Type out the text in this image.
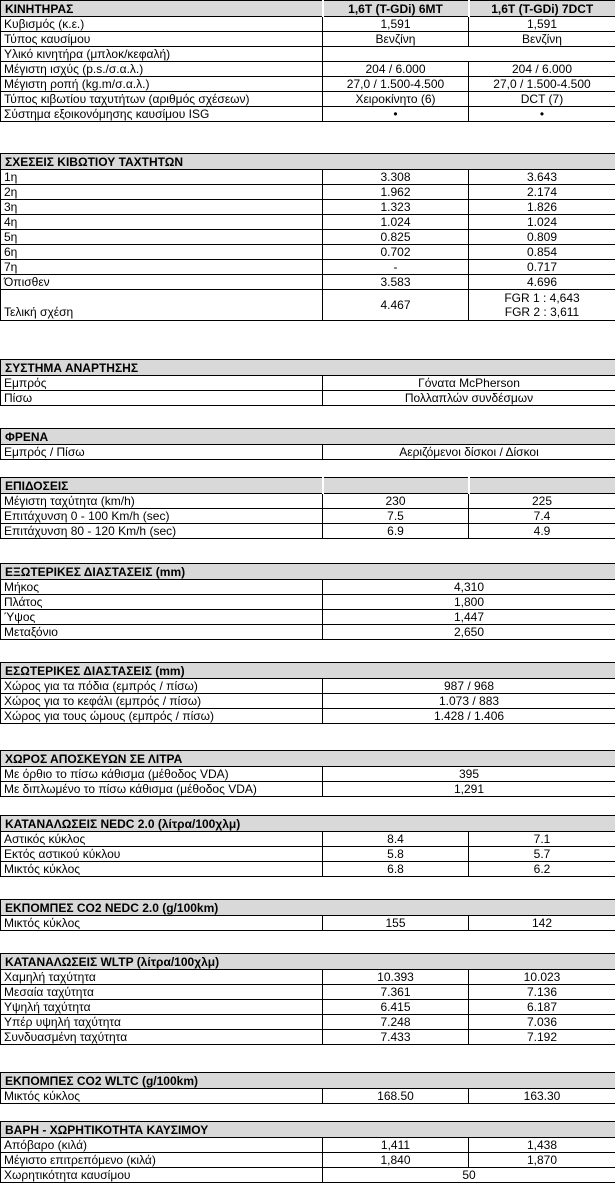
ΚΙΝΗΤΗΡΑΣ	1,6T (T-GDi) 6MT	1,6T (T-GDi) 7DCT
Κυβισμός (κ.ε.)	1,591	1,591
Τύπος καυσίμου	Βενζίνη	Βενζίνη
Υλικό κινητήρα (μπλοκ/κεφαλή)		
Μέγιστη ισχύς (p.s./σ.α.λ.)	204 / 6.000	204 / 6.000
Μέγιστη ροπή (kg.m/σ.α.λ.)	27,0 / 1.500-4.500	27,0 / 1.500-4.500
Τύπος κιβωτίου ταχυτήτων (αριθμός σχέσεων)	Χειροκίνητο (6)	DCT (7)
Σύστημα εξοικονόμησης καυσίμου ISG	•	•
ΣΧΕΣΕΙΣ ΚΙΒΩΤΙΟΥ ΤΑΧΤΗΤΩΝ		
1η	3.308	3.643
2η	1.962	2.174
3η	1.323	1.826
4η	1.024	1.024
5η	0.825	0.809
6η	0.702	0.854
7η	-	0.717
Όπισθεν	3.583	4.696
Τελική σχέση	4.467	FGR 1 : 4,643
FGR 2 : 3,611
ΣΥΣΤΗΜΑ ΑΝΑΡΤΗΣΗΣ	
Εμπρός	Γόνατα McPherson
Πίσω	Πολλαπλών συνδέσμων
ΦΡΕΝΑ
Εμπρός / Πίσω	Αεριζόμενοι δίσκοι / Δίσκοι
ΕΠΙΔΟΣΕΙΣ		
Μέγιστη ταχύτητα (km/h)	230	225
Επιτάχυνση 0 - 100 Km/h (sec)	7.5	7.4
Επιτάχυνση 80 - 120 Km/h (sec)	6.9	4.9
ΕΞΩΤΕΡΙΚΕΣ ΔΙΑΣΤΑΣΕΙΣ (mm)	
Μήκος	4,310
Πλάτος	1,800
Ύψος	1,447
Μεταξόνιο	2,650
ΕΣΩΤΕΡΙΚΕΣ ΔΙΑΣΤΑΣΕΙΣ (mm)	
Χώρος για τα πόδια (εμπρός / πίσω)	987 / 968
Χώρος για το κεφάλι (εμπρός / πίσω)	1.073 / 883
Χώρος για τους ώμους (εμπρός / πίσω)	1.428 / 1.406
ΧΩΡΟΣ ΑΠΟΣΚΕΥΩΝ ΣΕ ΛΙΤΡΑ	
Με όρθιο το πίσω κάθισμα (μέθοδος VDA)	395
Με διπλωμένο το πίσω κάθισμα (μέθοδος VDA)	1,291
ΚΑΤΑΝΑΛΩΣΕΙΣ NEDC 2.0 (λίτρα/100χλμ)		
Αστικός κύκλος	8.4	7.1
Εκτός αστικού κύκλου	5.8	5.7
Μικτός κύκλος	6.8	6.2
ΕΚΠΟΜΠΕΣ CO2 NEDC 2.0 (g/100km)
Μικτός κύκλος	155	142
ΚΑΤΑΝΑΛΩΣΕΙΣ WLTP (λίτρα/100χλμ)		
Χαμηλή ταχύτητα	10.393	10.023
Μεσαία ταχύτητα	7.361	7.136
Υψηλή ταχύτητα	6.415	6.187
Υπέρ υψηλή ταχύτητα	7.248	7.036
Συνδυασμένη ταχύτητα	7.433	7.192
ΕΚΠΟΜΠΕΣ CO2 WLTC (g/100km)
Μικτός κύκλος	168.50	163.30
ΒΑΡΗ - ΧΩΡΗΤΙΚΟΤΗΤΑ ΚΑΥΣΙΜΟΥ		
Απόβαρο (κιλά)	1,411	1,438
Μέγιστο επιτρεπόμενο (κιλά)	1,840	1,870
Χωρητικότητα καυσίμου	50	
